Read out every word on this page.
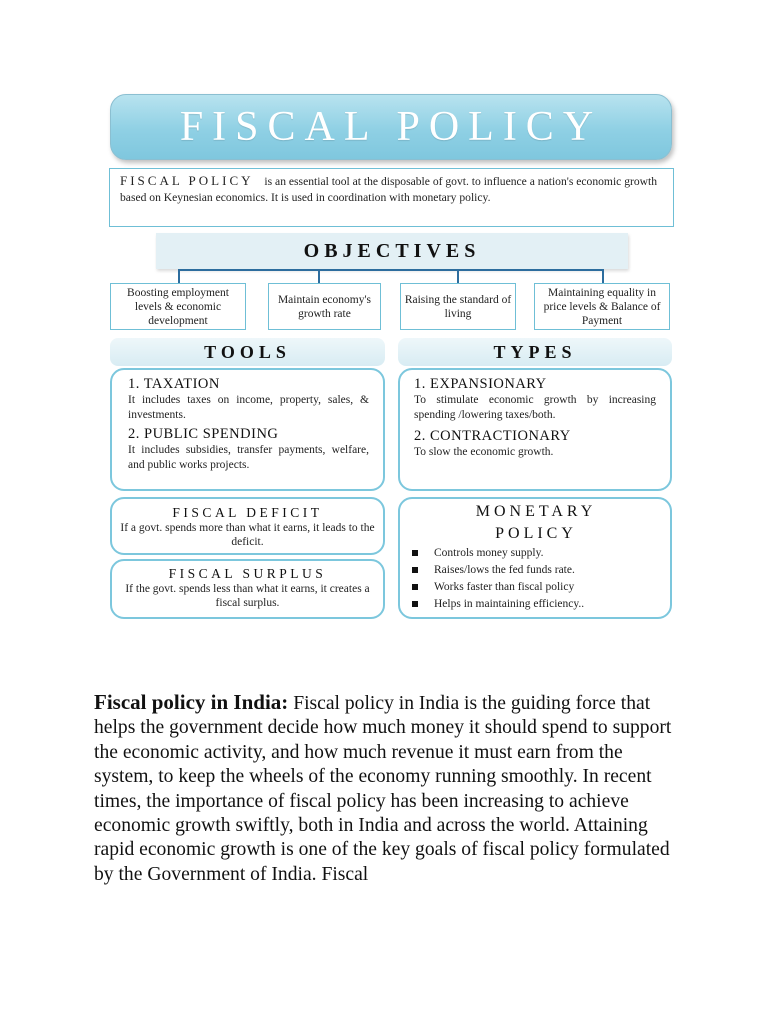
FISCAL POLICY
FISCAL POLICY is an essential tool at the disposable of govt. to influence a nation's economic growth based on Keynesian economics. It is used in coordination with monetary policy.
OBJECTIVES
Boosting employment levels & economic development
Maintain economy's growth rate
Raising the standard of living
Maintaining equality in price levels & Balance of Payment
TOOLS	TYPES
1. TAXATION
It includes taxes on income, property, sales, & investments.
2. PUBLIC SPENDING
It includes subsidies, transfer payments, welfare, and public works projects.
1. EXPANSIONARY
To stimulate economic growth by increasing spending /lowering taxes/both.
2. CONTRACTIONARY
To slow the economic growth.
FISCAL DEFICIT
If a govt. spends more than what it earns, it leads to the deficit.
FISCAL SURPLUS
If the govt. spends less than what it earns, it creates a fiscal surplus.
MONETARY
POLICY
Controls money supply.
Raises/lows the fed funds rate.
Works faster than fiscal policy
Helps in maintaining efficiency..
Fiscal policy in India: Fiscal policy in India is the guiding force that helps the government decide how much money it should spend to support the economic activity, and how much revenue it must earn from the system, to keep the wheels of the economy running smoothly. In recent times, the importance of fiscal policy has been increasing to achieve economic growth swiftly, both in India and across the world. Attaining rapid economic growth is one of the key goals of fiscal policy formulated by the Government of India. Fiscal
